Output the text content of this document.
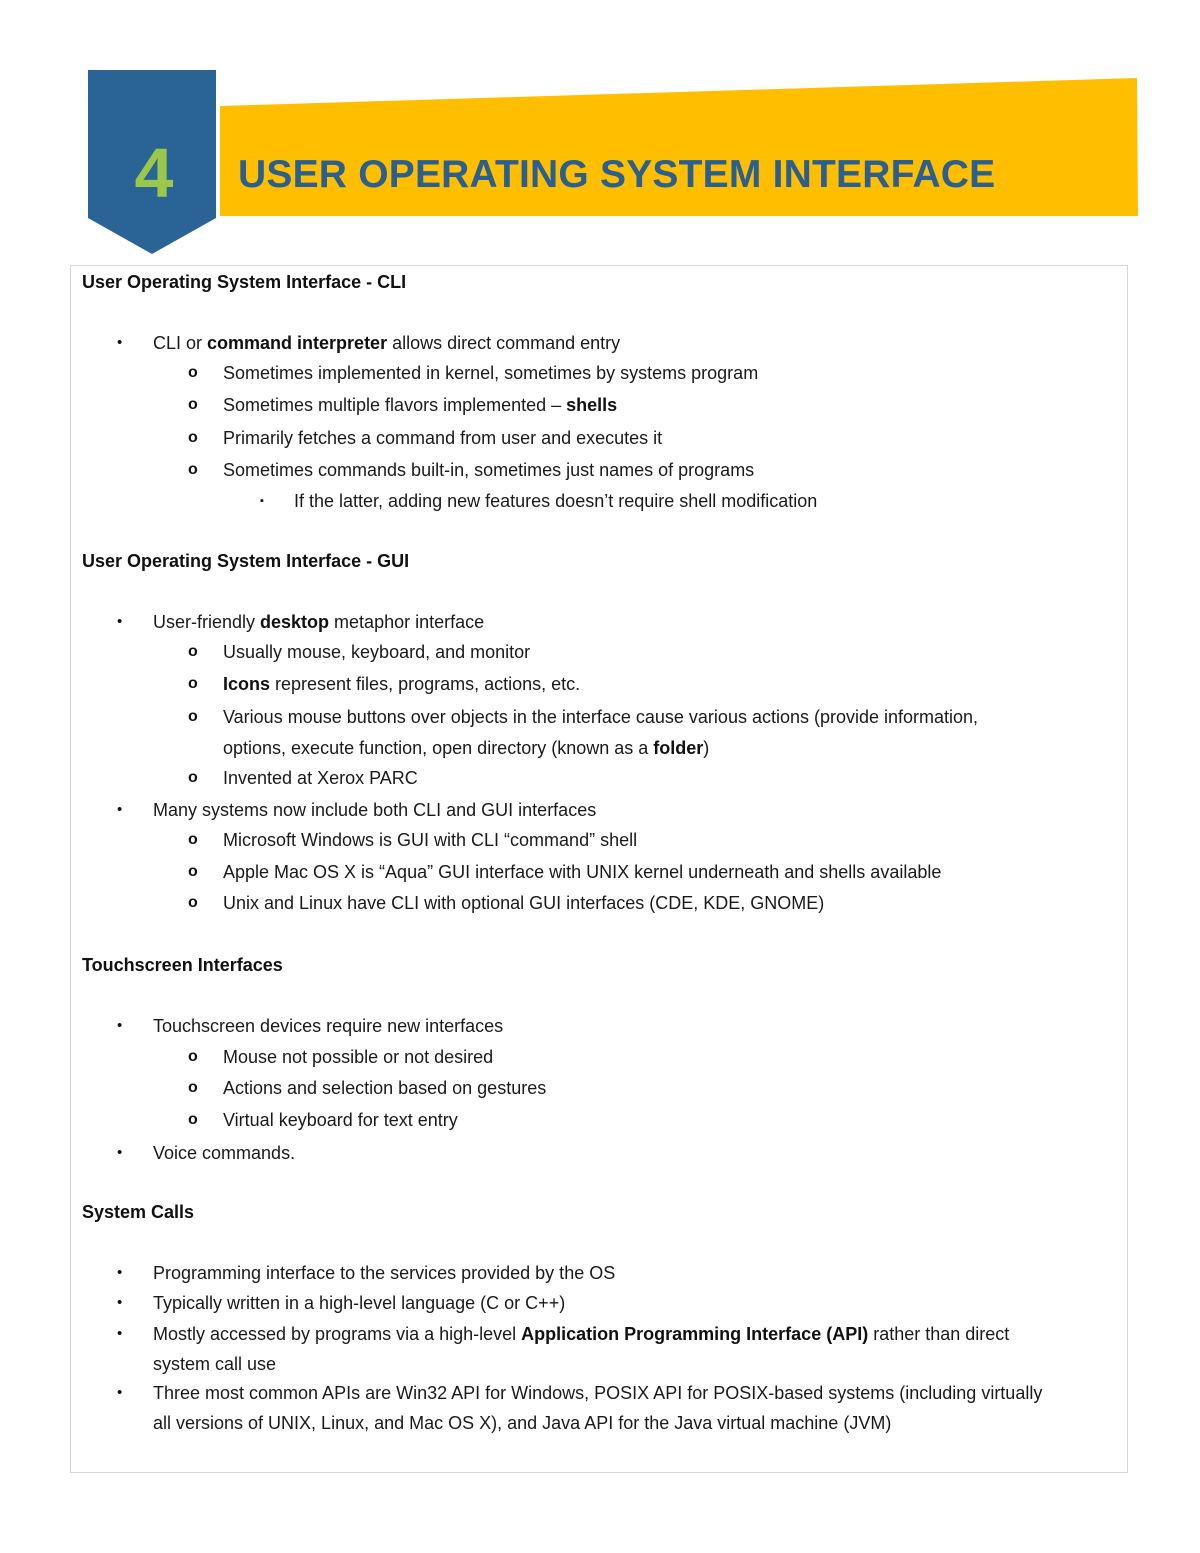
4	USER OPERATING SYSTEM INTERFACE
User Operating System Interface - CLI
• CLI or command interpreter allows direct command entry
o Sometimes implemented in kernel, sometimes by systems program
o Sometimes multiple flavors implemented – shells
o Primarily fetches a command from user and executes it
o Sometimes commands built-in, sometimes just names of programs
▪ If the latter, adding new features doesn’t require shell modification
User Operating System Interface - GUI
• User-friendly desktop metaphor interface
o Usually mouse, keyboard, and monitor
o Icons represent files, programs, actions, etc.
o Various mouse buttons over objects in the interface cause various actions (provide information,
options, execute function, open directory (known as a folder)
o Invented at Xerox PARC
• Many systems now include both CLI and GUI interfaces
o Microsoft Windows is GUI with CLI “command” shell
o Apple Mac OS X is “Aqua” GUI interface with UNIX kernel underneath and shells available
o Unix and Linux have CLI with optional GUI interfaces (CDE, KDE, GNOME)
Touchscreen Interfaces
• Touchscreen devices require new interfaces
o Mouse not possible or not desired
o Actions and selection based on gestures
o Virtual keyboard for text entry
• Voice commands.
System Calls
• Programming interface to the services provided by the OS
• Typically written in a high-level language (C or C++)
• Mostly accessed by programs via a high-level Application Programming Interface (API) rather than direct
system call use
• Three most common APIs are Win32 API for Windows, POSIX API for POSIX-based systems (including virtually
all versions of UNIX, Linux, and Mac OS X), and Java API for the Java virtual machine (JVM)
